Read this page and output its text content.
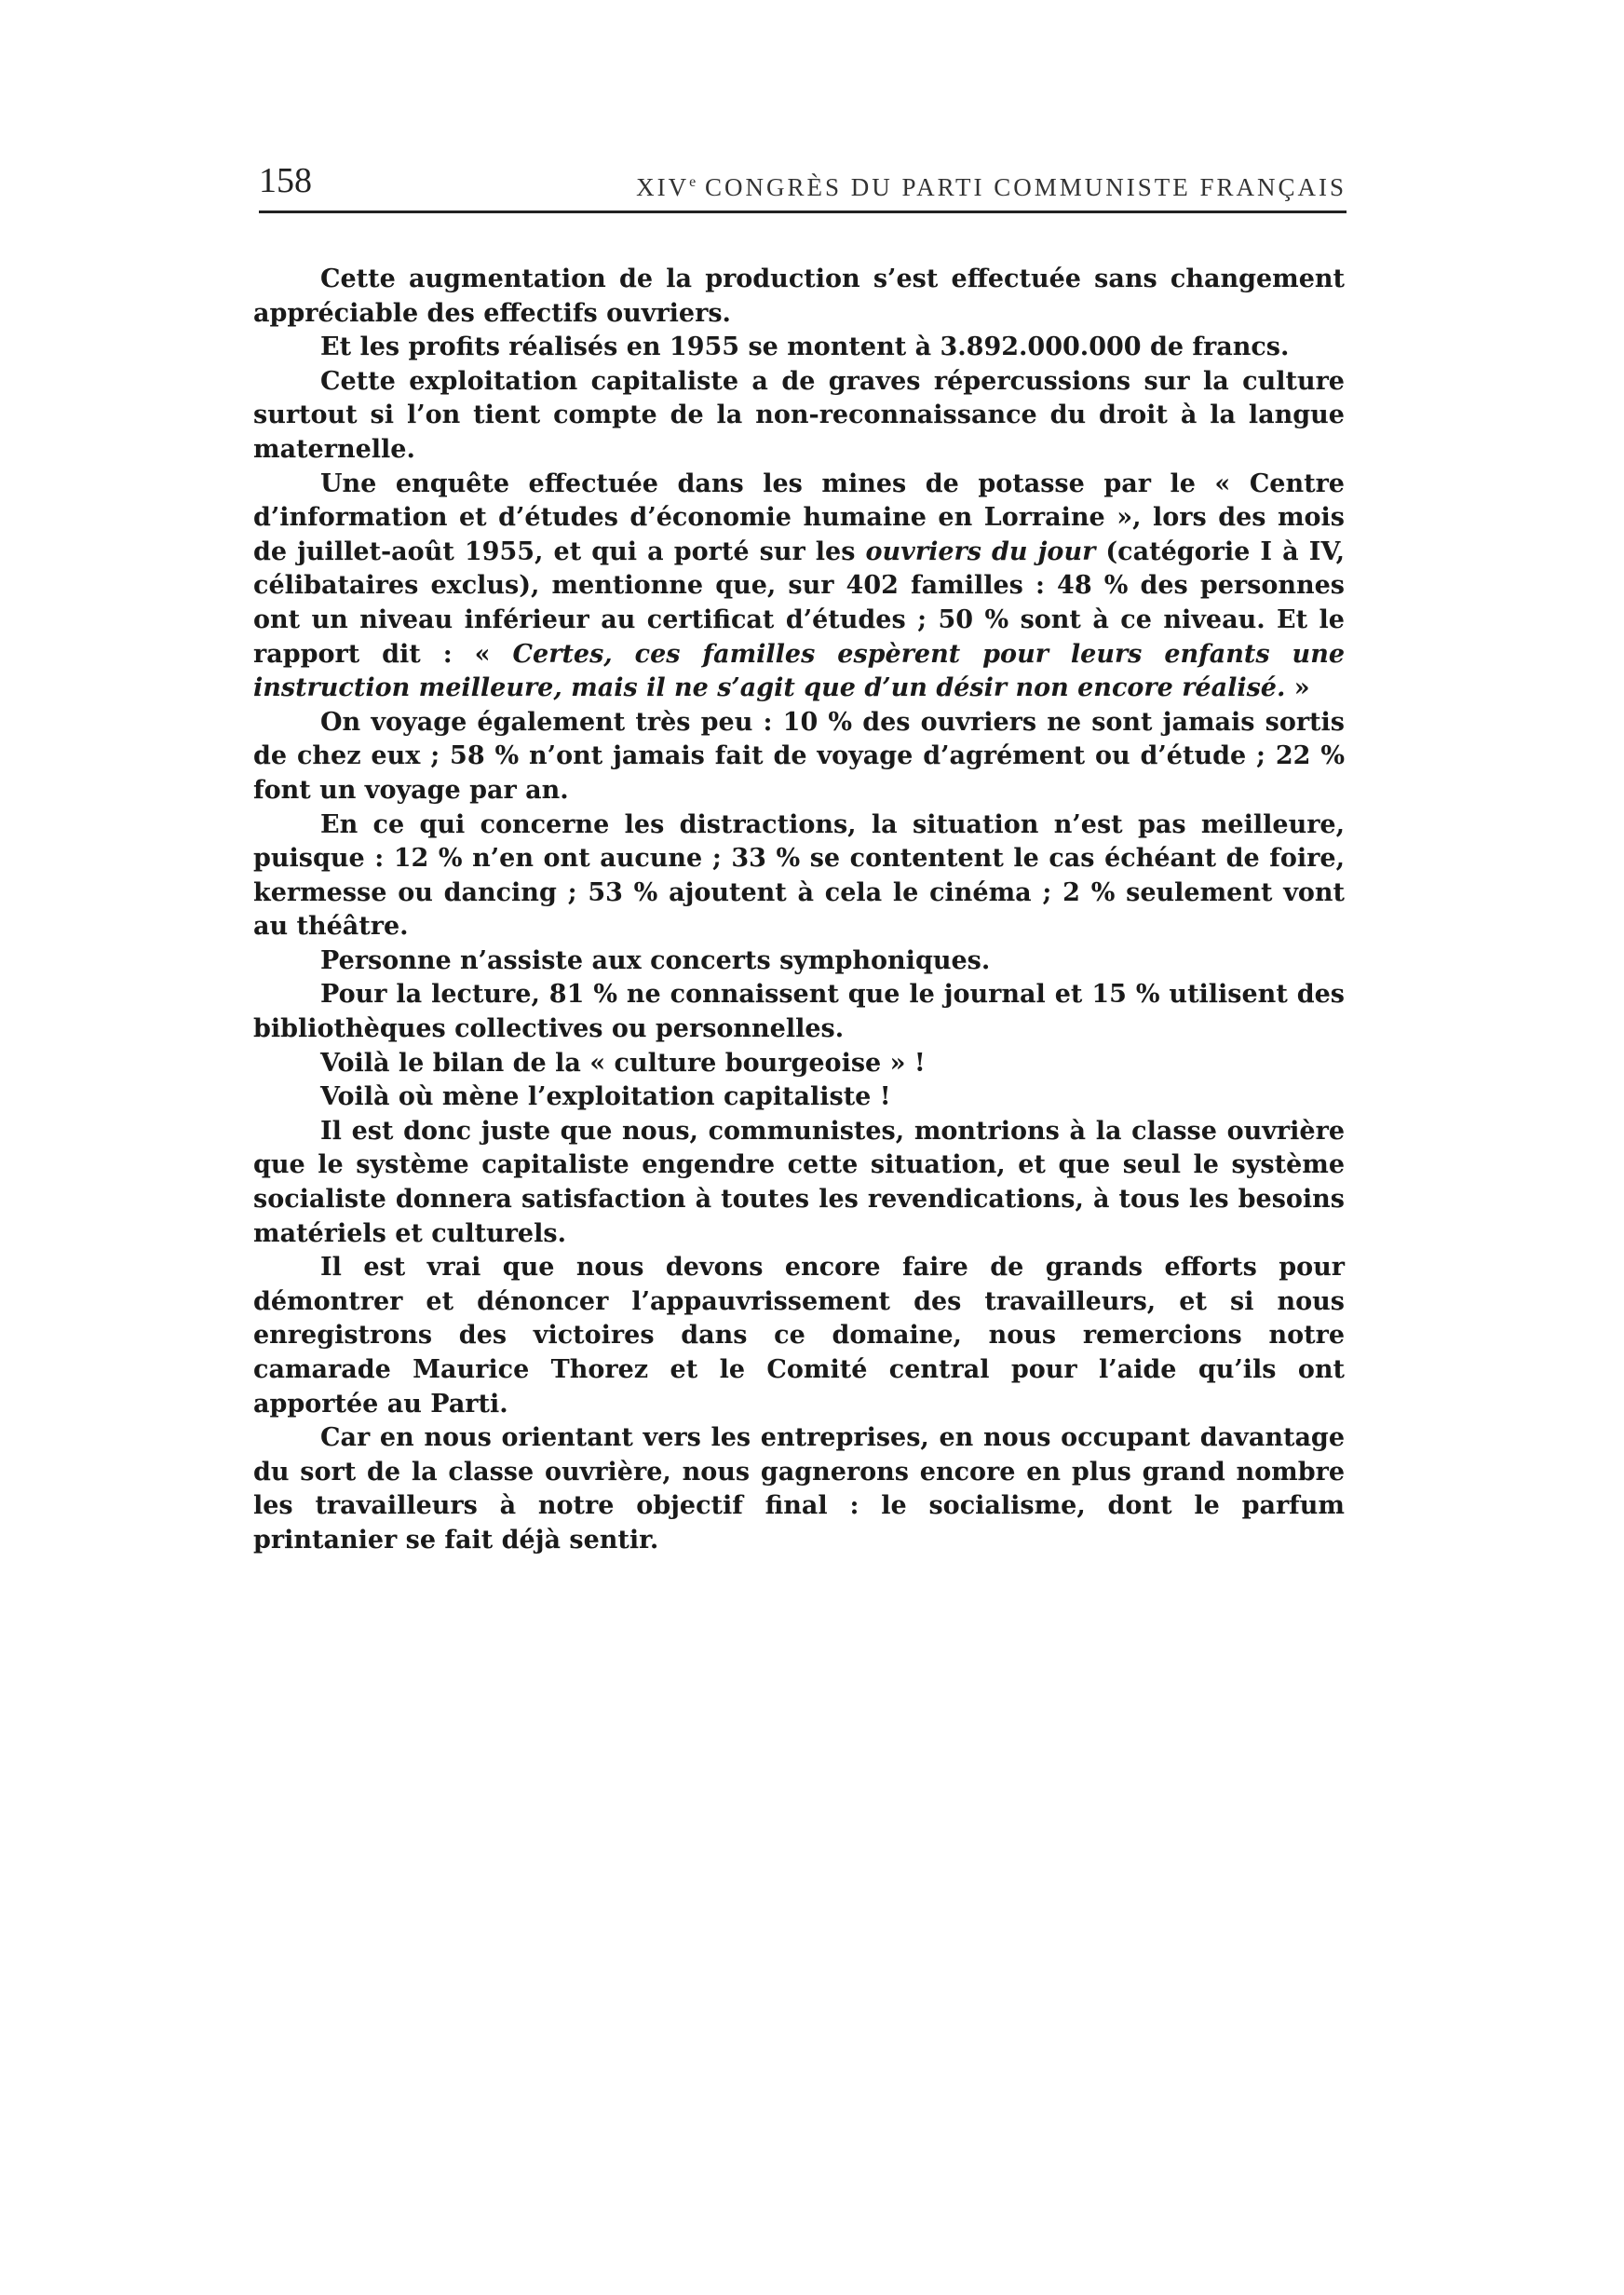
158	XIVe CONGRÈS DU PARTI COMMUNISTE FRANÇAIS

Cette augmentation de la production s’est effectuée sans changement appréciable des effectifs ouvriers.

Et les profits réalisés en 1955 se montent à 3.892.000.000 de francs.

Cette exploitation capitaliste a de graves répercussions sur la culture surtout si l’on tient compte de la non-reconnaissance du droit à la langue maternelle.

Une enquête effectuée dans les mines de potasse par le « Centre d’information et d’études d’économie humaine en Lorraine », lors des mois de juillet-août 1955, et qui a porté sur les ouvriers du jour (catégorie I à IV, célibataires exclus), mentionne que, sur 402 familles : 48 % des personnes ont un niveau inférieur au certificat d’études ; 50 % sont à ce niveau. Et le rapport dit : « Certes, ces familles espèrent pour leurs enfants une instruction meilleure, mais il ne s’agit que d’un désir non encore réalisé. »

On voyage également très peu : 10 % des ouvriers ne sont jamais sortis de chez eux ; 58 % n’ont jamais fait de voyage d’agrément ou d’étude ; 22 % font un voyage par an.

En ce qui concerne les distractions, la situation n’est pas meilleure, puisque : 12 % n’en ont aucune ; 33 % se contentent le cas échéant de foire, kermesse ou dancing ; 53 % ajoutent à cela le cinéma ; 2 % seulement vont au théâtre.

Personne n’assiste aux concerts symphoniques.

Pour la lecture, 81 % ne connaissent que le journal et 15 % utilisent des bibliothèques collectives ou personnelles.

Voilà le bilan de la « culture bourgeoise » !

Voilà où mène l’exploitation capitaliste !

Il est donc juste que nous, communistes, montrions à la classe ouvrière que le système capitaliste engendre cette situation, et que seul le système socialiste donnera satisfaction à toutes les revendications, à tous les besoins matériels et culturels.

Il est vrai que nous devons encore faire de grands efforts pour démontrer et dénoncer l’appauvrissement des travailleurs, et si nous enregistrons des victoires dans ce domaine, nous remercions notre camarade Maurice Thorez et le Comité central pour l’aide qu’ils ont apportée au Parti.

Car en nous orientant vers les entreprises, en nous occupant davantage du sort de la classe ouvrière, nous gagnerons encore en plus grand nombre les travailleurs à notre objectif final : le socialisme, dont le parfum printanier se fait déjà sentir.
